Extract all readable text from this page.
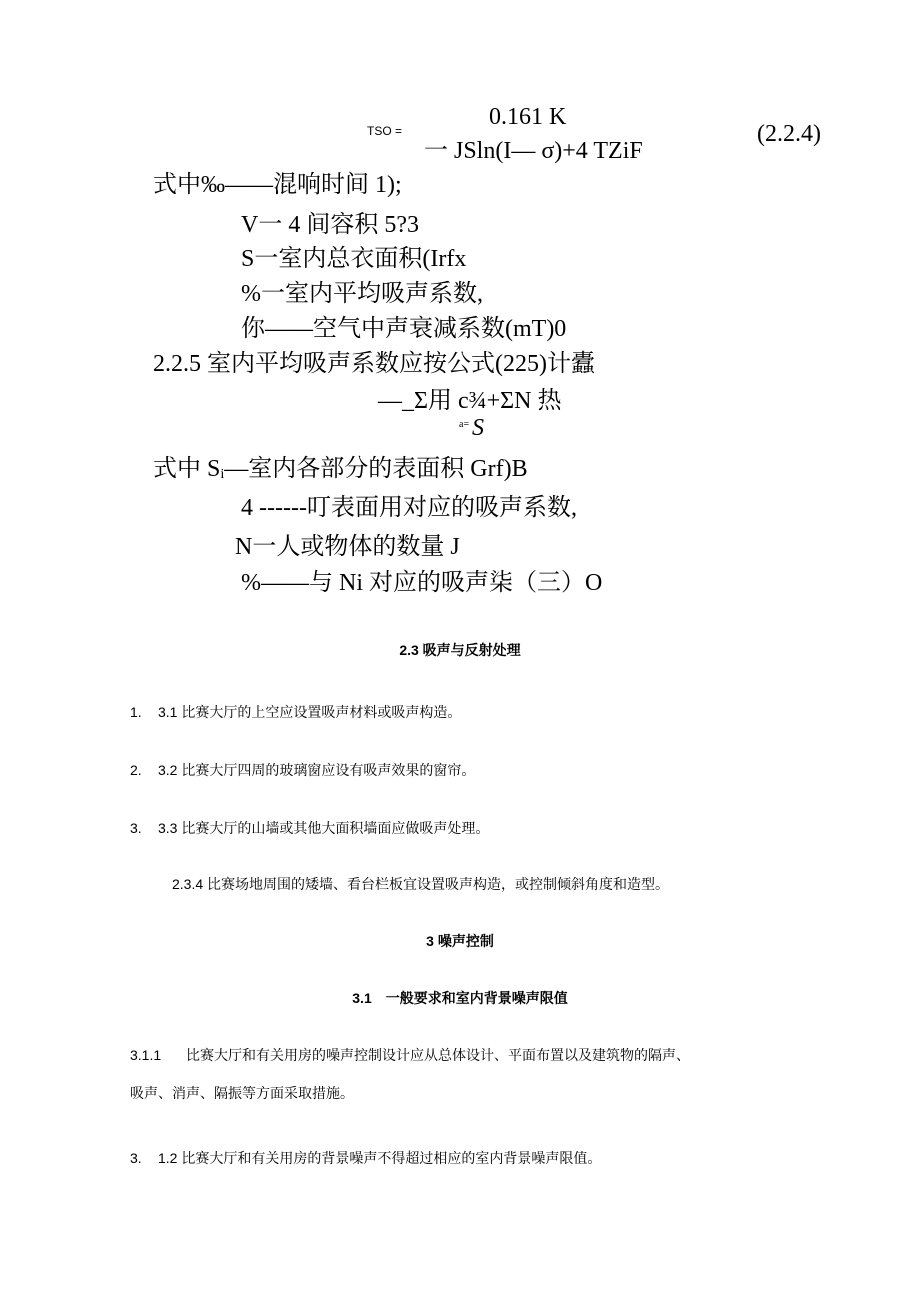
TSO =
0.161 K
一 JSln(I— σ)+4 TZiF
(2.2.4)
式中‰——混响时间 1);
V一 4 间容积 5?3
S一室内总衣面积(Irfx
%一室内平均吸声系数,
你——空气中声衰减系数(mT)0
2.2.5 室内平均吸声系数应按公式(225)计蠹
—_Σ用 c¾+ΣN 热
a= S
式中 Sᵢ—室内各部分的表面积 Grf)B
4 ------叮表面用对应的吸声系数,
N一人或物体的数量 J
%——与 Ni 对应的吸声柒（三）O
2.3 吸声与反射处理
1. 3.1 比赛大厅的上空应设置吸声材料或吸声构造。
2. 3.2 比赛大厅四周的玻璃窗应设有吸声效果的窗帘。
3. 3.3 比赛大厅的山墙或其他大面积墙面应做吸声处理。
2.3.4 比赛场地周围的矮墙、看台栏板宜设置吸声构造，或控制倾斜角度和造型。
3 噪声控制
3.1　一般要求和室内背景噪声限值
3.1.1 比赛大厅和有关用房的噪声控制设计应从总体设计、平面布置以及建筑物的隔声、
吸声、消声、隔振等方面采取措施。
3. 1.2 比赛大厅和有关用房的背景噪声不得超过相应的室内背景噪声限值。
